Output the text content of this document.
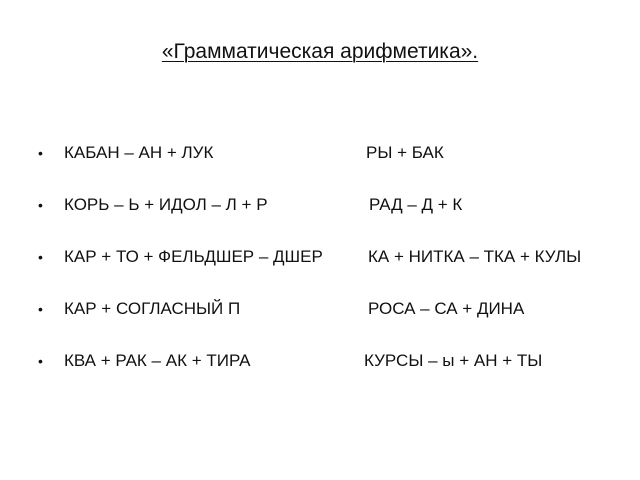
«Грамматическая арифметика».
• КАБАН – АН + ЛУК	РЫ + БАК
• КОРЬ – Ь + ИДОЛ – Л + Р	РАД – Д + К
• КАР + ТО + ФЕЛЬДШЕР – ДШЕР	КА + НИТКА – ТКА + КУЛЫ
• КАР + СОГЛАСНЫЙ П	РОСА – СА + ДИНА
• КВА + РАК – АК + ТИРА	КУРСЫ – ы + АН + ТЫ
